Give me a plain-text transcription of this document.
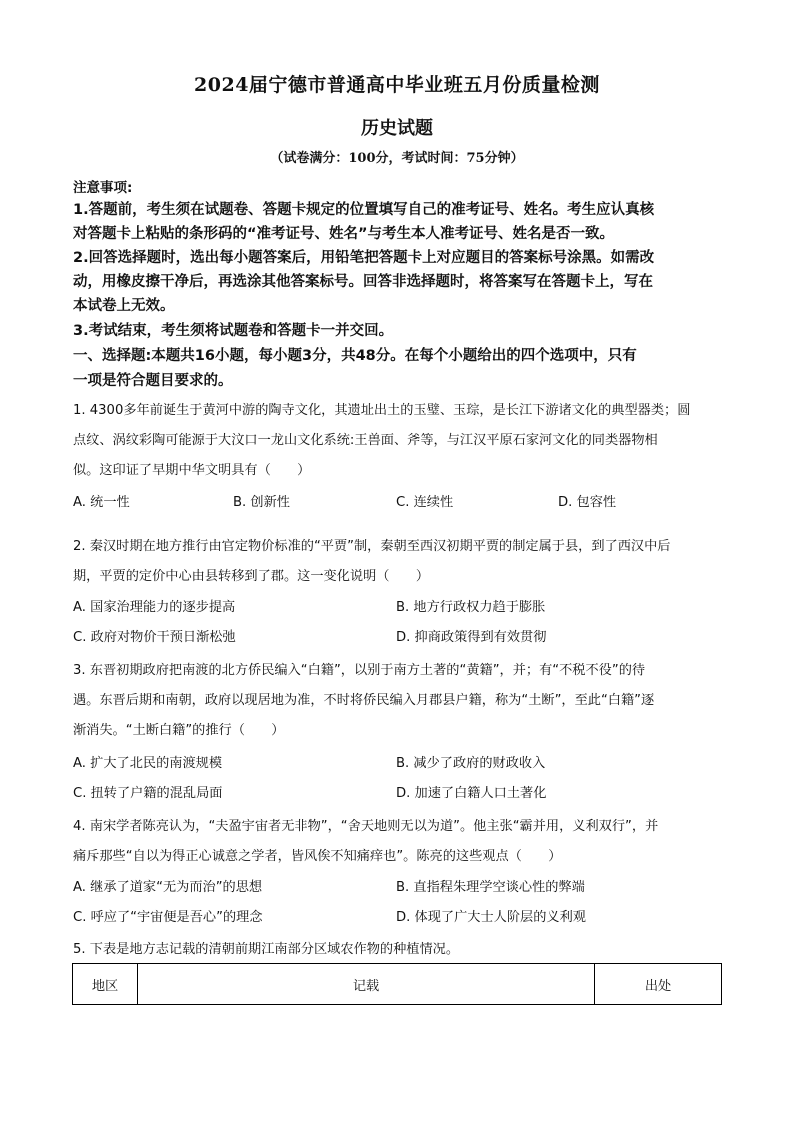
2024届宁德市普通高中毕业班五月份质量检测
历史试题
（试卷满分：100分，考试时间：75分钟）
注意事项:
1.答题前，考生须在试题卷、答题卡规定的位置填写自己的准考证号、姓名。考生应认真核
对答题卡上粘贴的条形码的“准考证号、姓名”与考生本人准考证号、姓名是否一致。
2.回答选择题时，选出每小题答案后，用铅笔把答题卡上对应题目的答案标号涂黑。如需改
动，用橡皮擦干净后，再选涂其他答案标号。回答非选择题时，将答案写在答题卡上，写在
本试卷上无效。
3.考试结束，考生须将试题卷和答题卡一并交回。
一、选择题:本题共16小题，每小题3分，共48分。在每个小题给出的四个选项中，只有
一项是符合题目要求的。
1. 4300多年前诞生于黄河中游的陶寺文化，其遗址出土的玉璧、玉琮，是长江下游诸文化的典型器类；圆
点纹、涡纹彩陶可能源于大汶口一龙山文化系统:王兽面、斧等，与江汉平原石家河文化的同类器物相
似。这印证了早期中华文明具有（　　）
A. 统一性	B. 创新性	C. 连续性	D. 包容性
2. 秦汉时期在地方推行由官定物价标准的“平贾”制，秦朝至西汉初期平贾的制定属于县，到了西汉中后
期，平贾的定价中心由县转移到了郡。这一变化说明（　　）
A. 国家治理能力的逐步提高	B. 地方行政权力趋于膨胀
C. 政府对物价干预日渐松弛	D. 抑商政策得到有效贯彻
3. 东晋初期政府把南渡的北方侨民编入“白籍”，以别于南方土著的“黄籍”，并；有“不税不役”的待
遇。东晋后期和南朝，政府以现居地为准，不时将侨民编入月郡县户籍，称为“土断”，至此“白籍”逐
渐消失。“土断白籍”的推行（　　）
A. 扩大了北民的南渡规模	B. 减少了政府的财政收入
C. 扭转了户籍的混乱局面	D. 加速了白籍人口土著化
4. 南宋学者陈亮认为，“夫盈宇宙者无非物”，“舍天地则无以为道”。他主张“霸并用，义利双行”，并
痛斥那些“自以为得正心诚意之学者，皆风俟不知痛痒也”。陈亮的这些观点（　　）
A. 继承了道家“无为而治”的思想	B. 直指程朱理学空谈心性的弊端
C. 呼应了“宇宙便是吾心”的理念	D. 体现了广大士人阶层的义利观
5. 下表是地方志记载的清朝前期江南部分区域农作物的种植情况。
地区	记载	出处
